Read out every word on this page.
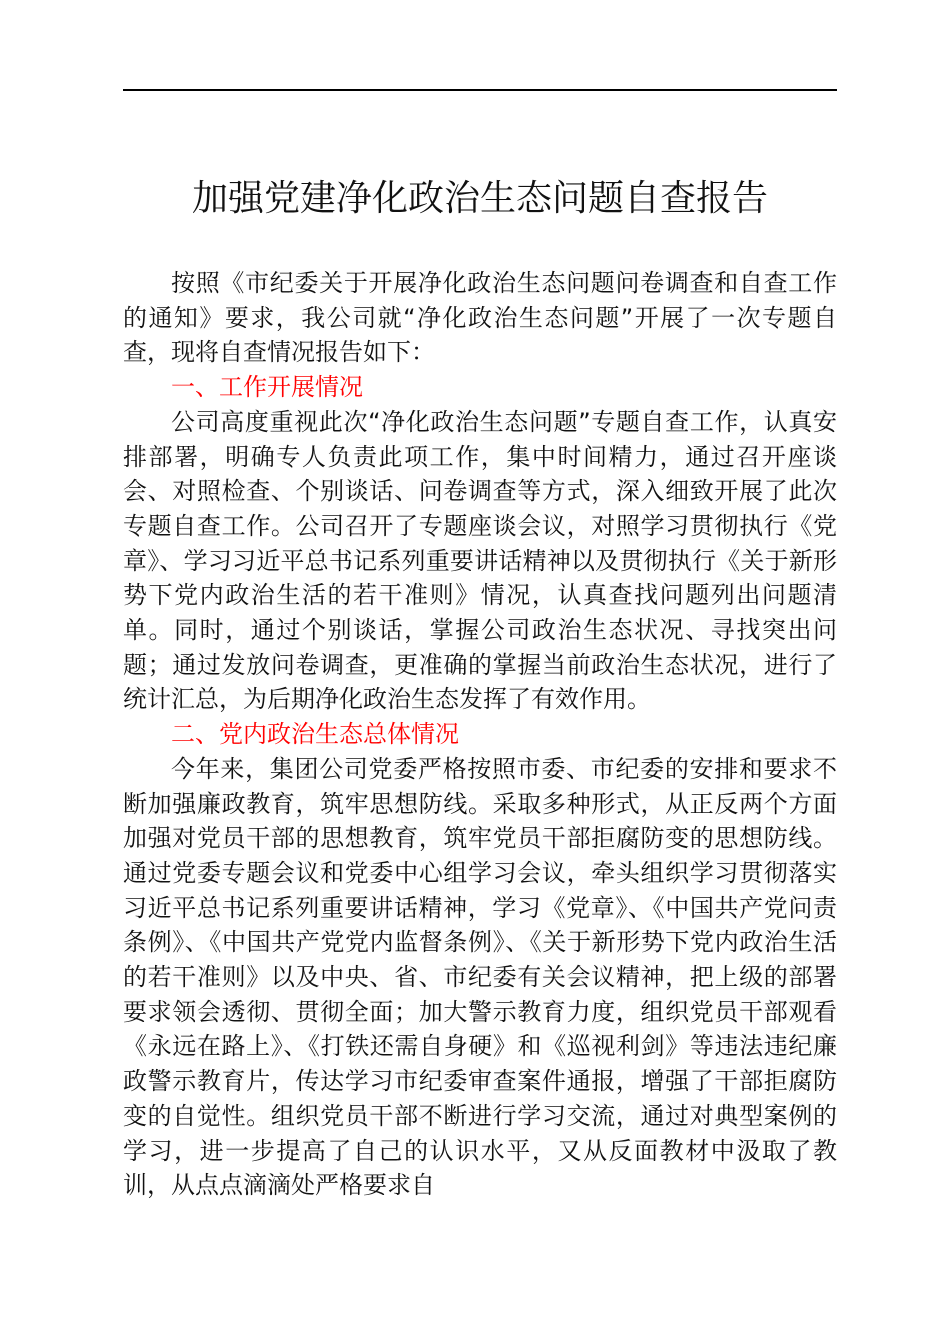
加强党建净化政治生态问题自查报告

按照《市纪委关于开展净化政治生态问题问卷调查和自查工作的通知》要求，我公司就“净化政治生态问题”开展了一次专题自查，现将自查情况报告如下：

一、工作开展情况

公司高度重视此次“净化政治生态问题”专题自查工作，认真安排部署，明确专人负责此项工作，集中时间精力，通过召开座谈会、对照检查、个别谈话、问卷调查等方式，深入细致开展了此次专题自查工作。公司召开了专题座谈会议，对照学习贯彻执行《党章》、学习习近平总书记系列重要讲话精神以及贯彻执行《关于新形势下党内政治生活的若干准则》情况，认真查找问题列出问题清单。同时，通过个别谈话，掌握公司政治生态状况、寻找突出问题；通过发放问卷调查，更准确的掌握当前政治生态状况，进行了统计汇总，为后期净化政治生态发挥了有效作用。

二、党内政治生态总体情况

今年来，集团公司党委严格按照市委、市纪委的安排和要求不断加强廉政教育，筑牢思想防线。采取多种形式，从正反两个方面加强对党员干部的思想教育，筑牢党员干部拒腐防变的思想防线。通过党委专题会议和党委中心组学习会议，牵头组织学习贯彻落实习近平总书记系列重要讲话精神，学习《党章》、《中国共产党问责条例》、《中国共产党党内监督条例》、《关于新形势下党内政治生活的若干准则》以及中央、省、市纪委有关会议精神，把上级的部署要求领会透彻、贯彻全面；加大警示教育力度，组织党员干部观看《永远在路上》、《打铁还需自身硬》和《巡视利剑》等违法违纪廉政警示教育片，传达学习市纪委审查案件通报，增强了干部拒腐防变的自觉性。组织党员干部不断进行学习交流，通过对典型案例的学习，进一步提高了自己的认识水平，又从反面教材中汲取了教训，从点点滴滴处严格要求自
